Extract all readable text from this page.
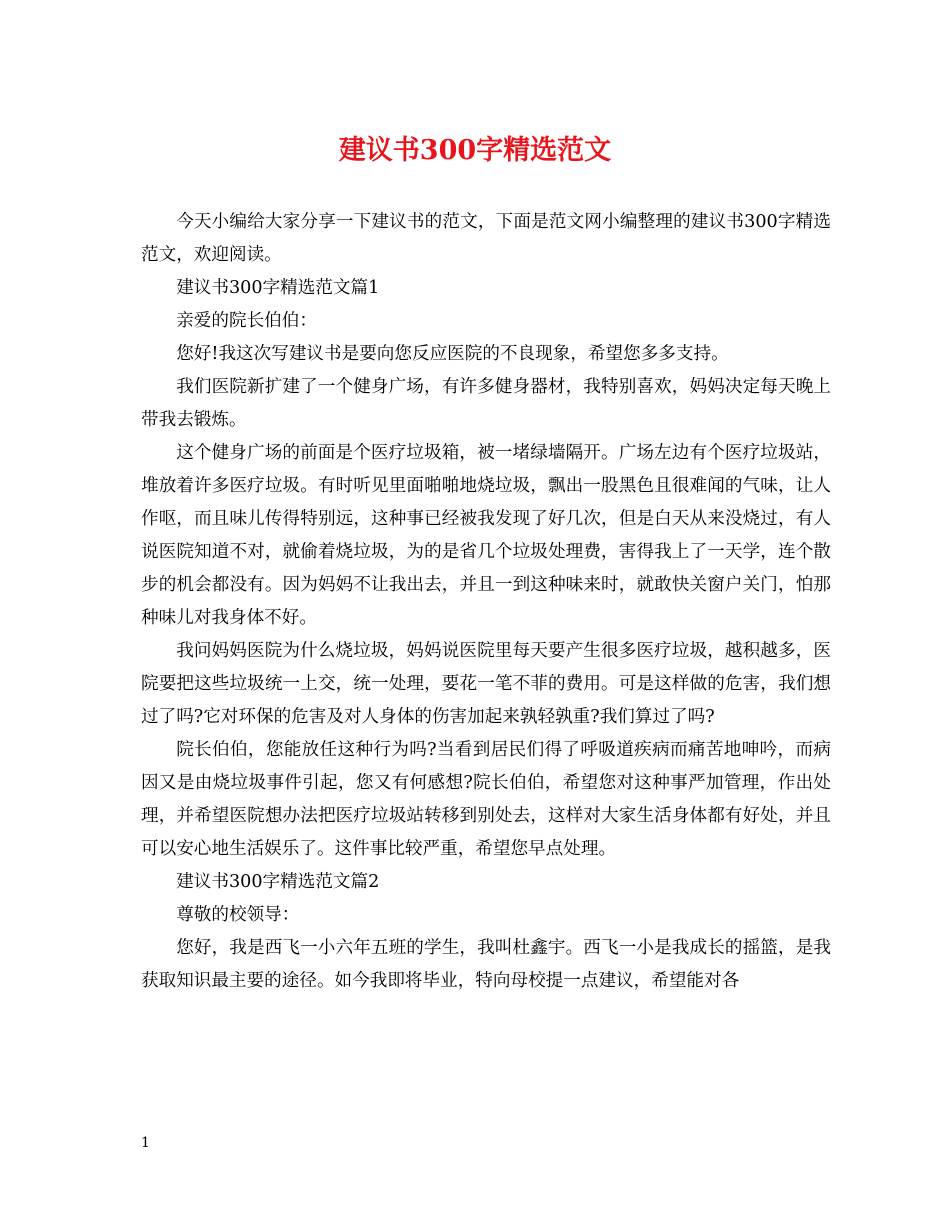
建议书300字精选范文

今天小编给大家分享一下建议书的范文，下面是范文网小编整理的建议书300字精选范文，欢迎阅读。

建议书300字精选范文篇1

亲爱的院长伯伯：

您好!我这次写建议书是要向您反应医院的不良现象，希望您多多支持。

我们医院新扩建了一个健身广场，有许多健身器材，我特别喜欢，妈妈决定每天晚上带我去锻炼。

这个健身广场的前面是个医疗垃圾箱，被一堵绿墙隔开。广场左边有个医疗垃圾站，堆放着许多医疗垃圾。有时听见里面啪啪地烧垃圾，飘出一股黑色且很难闻的气味，让人作呕，而且味儿传得特别远，这种事已经被我发现了好几次，但是白天从来没烧过，有人说医院知道不对，就偷着烧垃圾，为的是省几个垃圾处理费，害得我上了一天学，连个散步的机会都没有。因为妈妈不让我出去，并且一到这种味来时，就敢快关窗户关门，怕那种味儿对我身体不好。

我问妈妈医院为什么烧垃圾，妈妈说医院里每天要产生很多医疗垃圾，越积越多，医院要把这些垃圾统一上交，统一处理，要花一笔不菲的费用。可是这样做的危害，我们想过了吗?它对环保的危害及对人身体的伤害加起来孰轻孰重?我们算过了吗?

院长伯伯，您能放任这种行为吗?当看到居民们得了呼吸道疾病而痛苦地呻吟，而病因又是由烧垃圾事件引起，您又有何感想?院长伯伯，希望您对这种事严加管理，作出处理，并希望医院想办法把医疗垃圾站转移到别处去，这样对大家生活身体都有好处，并且可以安心地生活娱乐了。这件事比较严重，希望您早点处理。

建议书300字精选范文篇2

尊敬的校领导：

您好，我是西飞一小六年五班的学生，我叫杜鑫宇。西飞一小是我成长的摇篮，是我获取知识最主要的途径。如今我即将毕业，特向母校提一点建议，希望能对各

1
